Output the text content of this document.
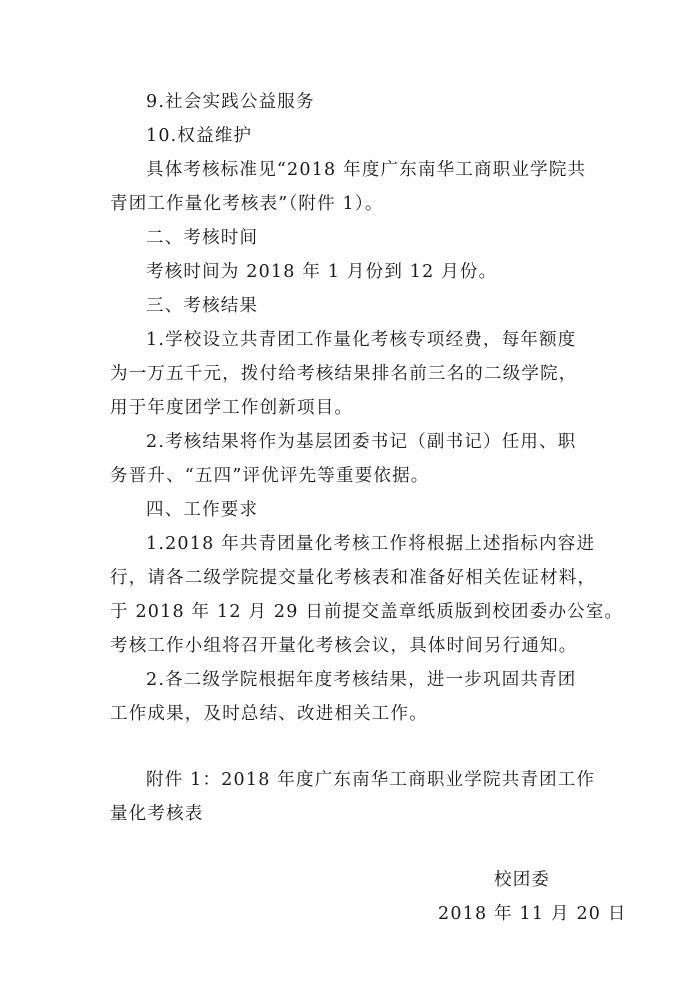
9.社会实践公益服务
10.权益维护
具体考核标准见“2018 年度广东南华工商职业学院共
青团工作量化考核表”（附件 1）。
二、考核时间
考核时间为 2018 年 1 月份到 12 月份。
三、考核结果
1.学校设立共青团工作量化考核专项经费，每年额度
为一万五千元，拨付给考核结果排名前三名的二级学院，
用于年度团学工作创新项目。
2.考核结果将作为基层团委书记（副书记）任用、职
务晋升、“五四”评优评先等重要依据。
四、工作要求
1.2018 年共青团量化考核工作将根据上述指标内容进
行，请各二级学院提交量化考核表和准备好相关佐证材料，
于 2018 年 12 月 29 日前提交盖章纸质版到校团委办公室。
考核工作小组将召开量化考核会议，具体时间另行通知。
2.各二级学院根据年度考核结果，进一步巩固共青团
工作成果，及时总结、改进相关工作。
附件 1：2018 年度广东南华工商职业学院共青团工作
量化考核表
校团委
2018 年 11 月 20 日
